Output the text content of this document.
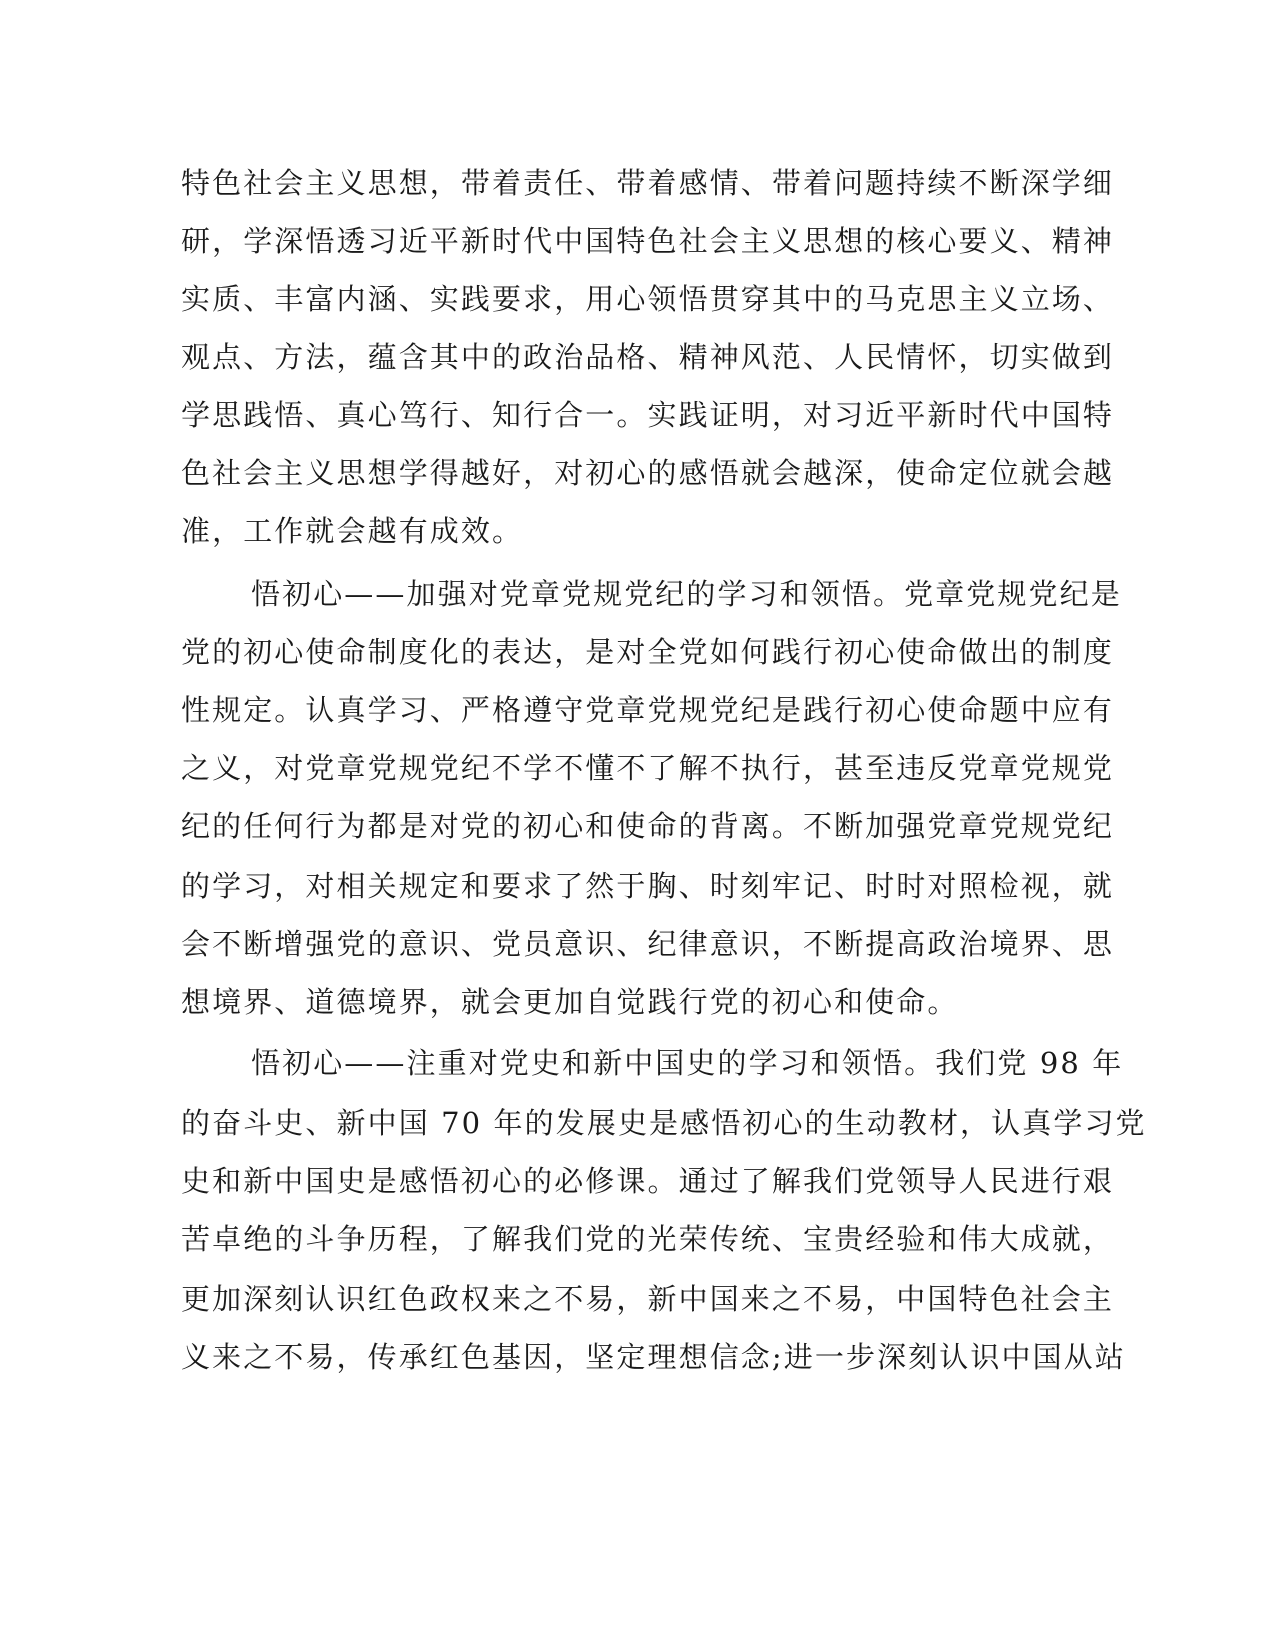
特色社会主义思想，带着责任、带着感情、带着问题持续不断深学细
研，学深悟透习近平新时代中国特色社会主义思想的核心要义、精神
实质、丰富内涵、实践要求，用心领悟贯穿其中的马克思主义立场、
观点、方法，蕴含其中的政治品格、精神风范、人民情怀，切实做到
学思践悟、真心笃行、知行合一。实践证明，对习近平新时代中国特
色社会主义思想学得越好，对初心的感悟就会越深，使命定位就会越
准，工作就会越有成效。
悟初心——加强对党章党规党纪的学习和领悟。党章党规党纪是
党的初心使命制度化的表达，是对全党如何践行初心使命做出的制度
性规定。认真学习、严格遵守党章党规党纪是践行初心使命题中应有
之义，对党章党规党纪不学不懂不了解不执行，甚至违反党章党规党
纪的任何行为都是对党的初心和使命的背离。不断加强党章党规党纪
的学习，对相关规定和要求了然于胸、时刻牢记、时时对照检视，就
会不断增强党的意识、党员意识、纪律意识，不断提高政治境界、思
想境界、道德境界，就会更加自觉践行党的初心和使命。
悟初心——注重对党史和新中国史的学习和领悟。我们党 98 年
的奋斗史、新中国 70 年的发展史是感悟初心的生动教材，认真学习党
史和新中国史是感悟初心的必修课。通过了解我们党领导人民进行艰
苦卓绝的斗争历程，了解我们党的光荣传统、宝贵经验和伟大成就，
更加深刻认识红色政权来之不易，新中国来之不易，中国特色社会主
义来之不易，传承红色基因，坚定理想信念;进一步深刻认识中国从站
